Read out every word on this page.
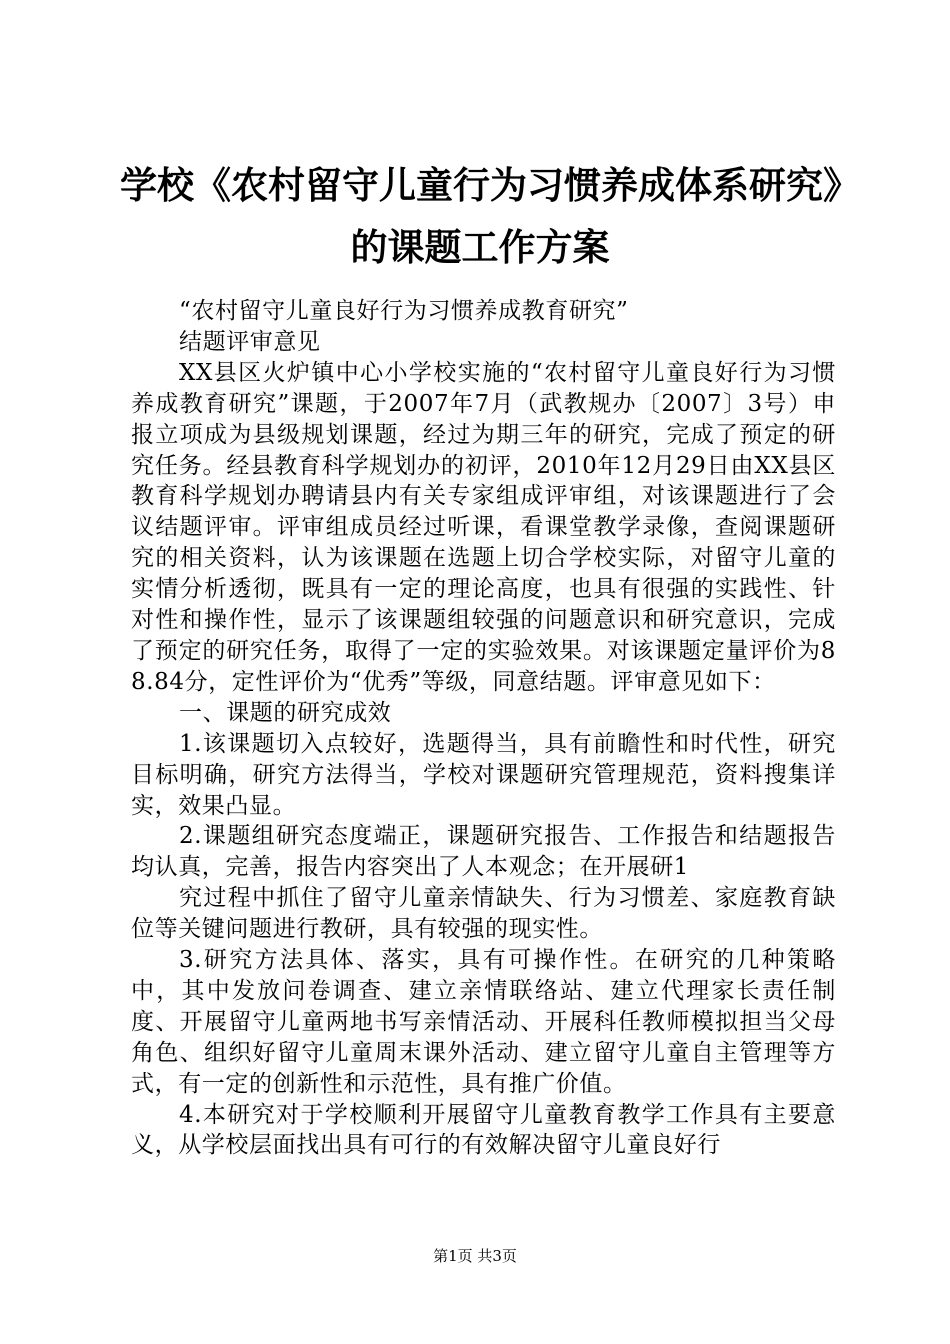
学校《农村留守儿童行为习惯养成体系研究》
的课题工作方案

“农村留守儿童良好行为习惯养成教育研究”

结题评审意见

XX县区火炉镇中心小学校实施的“农村留守儿童良好行为习惯养成教育研究”课题，于2007年7月（武教规办〔2007〕3号）申报立项成为县级规划课题，经过为期三年的研究，完成了预定的研究任务。经县教育科学规划办的初评，2010年12月29日由XX县区教育科学规划办聘请县内有关专家组成评审组，对该课题进行了会议结题评审。评审组成员经过听课，看课堂教学录像，查阅课题研究的相关资料，认为该课题在选题上切合学校实际，对留守儿童的实情分析透彻，既具有一定的理论高度，也具有很强的实践性、针对性和操作性，显示了该课题组较强的问题意识和研究意识，完成了预定的研究任务，取得了一定的实验效果。对该课题定量评价为88.84分，定性评价为“优秀”等级，同意结题。评审意见如下：

一、课题的研究成效

1.该课题切入点较好，选题得当，具有前瞻性和时代性，研究目标明确，研究方法得当，学校对课题研究管理规范，资料搜集详实，效果凸显。

2.课题组研究态度端正，课题研究报告、工作报告和结题报告均认真，完善，报告内容突出了人本观念；在开展研1

究过程中抓住了留守儿童亲情缺失、行为习惯差、家庭教育缺位等关键问题进行教研，具有较强的现实性。

3.研究方法具体、落实，具有可操作性。在研究的几种策略中，其中发放问卷调查、建立亲情联络站、建立代理家长责任制度、开展留守儿童两地书写亲情活动、开展科任教师模拟担当父母角色、组织好留守儿童周末课外活动、建立留守儿童自主管理等方式，有一定的创新性和示范性，具有推广价值。

4.本研究对于学校顺利开展留守儿童教育教学工作具有主要意义，从学校层面找出具有可行的有效解决留守儿童良好行

第1页 共3页
